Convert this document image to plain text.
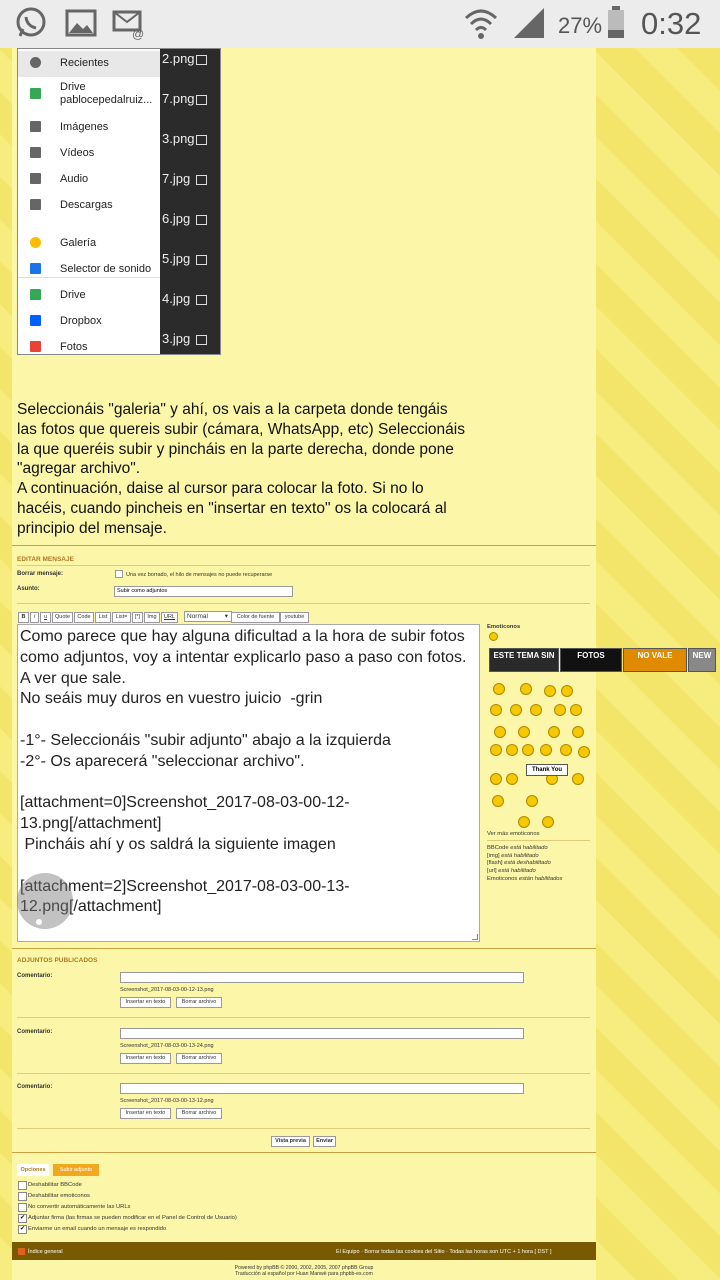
@	27% 0:32
2.png
7.png
3.png
7.jpg
6.jpg
5.jpg
4.jpg
3.jpg
Recientes
Drive
pablocepedalruiz...
Imágenes
Vídeos
Audio
Descargas
Galería
Selector de sonido
Drive
Dropbox
Fotos
Seleccionáis "galeria" y ahí, os vais a la carpeta donde tengáis las fotos que quereis subir (cámara, WhatsApp, etc) Seleccionáis la que queréis subir y pincháis en la parte derecha, donde pone "agregar archivo".
A continuación, daise al cursor para colocar la foto. Si no lo hacéis, cuando pincheis en "insertar en texto" os la colocará al principio del mensaje.
EDITAR MENSAJE
Borrar mensaje:	Una vez borrado, el hilo de mensajes no puede recuperarse
Asunto:	Subir como adjuntos
B	i	u	Quote	Code	List	List=	[*]	Img	URL	Normal	▾	Color de fuente	youtube
Como parece que hay alguna dificultad a la hora de subir fotos como adjuntos, voy a intentar explicarlo paso a paso con fotos. A ver que sale.
No seáis muy duros en vuestro juicio  -grin

-1°- Seleccionáis "subir adjunto" abajo a la izquierda
-2°- Os aparecerá "seleccionar archivo".

[attachment=0]Screenshot_2017-08-03-00-12-13.png[/attachment]
Pincháis ahí y os saldrá la siguiente imagen

[attachment=2]Screenshot_2017-08-03-00-13-12.png[/attachment]
Emoticonos
ESTE TEMA SIN	FOTOS	NO VALE	NEW
Thank You
Ver más emoticonos
BBCode está habilitado
[img] está habilitado
[flash] está deshabilitado
[url] está habilitado
Emoticonos están habilitados
ADJUNTOS PUBLICADOS
Comentario:
Screenshot_2017-08-03-00-12-13.png
Insertar en texto	Borrar archivo
Comentario:
Screenshot_2017-08-03-00-13-24.png
Insertar en texto	Borrar archivo
Comentario:
Screenshot_2017-08-03-00-13-12.png
Insertar en texto	Borrar archivo
Vista previa	Enviar
Opciones	Subir adjunto
Deshabilitar BBCode
Deshabilitar emoticonos
No convertir automáticamente las URLs
✔ Adjuntar firma (las firmas se pueden modificar en el Panel de Control de Usuario)
✔ Enviarme un email cuando un mensaje es respondido
Índice general	El Equipo · Borrar todas las cookies del Sitio · Todas las horas son UTC + 1 hora [ DST ]
Powered by phpBB © 2000, 2002, 2005, 2007 phpBB Group
Traducción al español por Huan Manwë para phpbb-es.com
